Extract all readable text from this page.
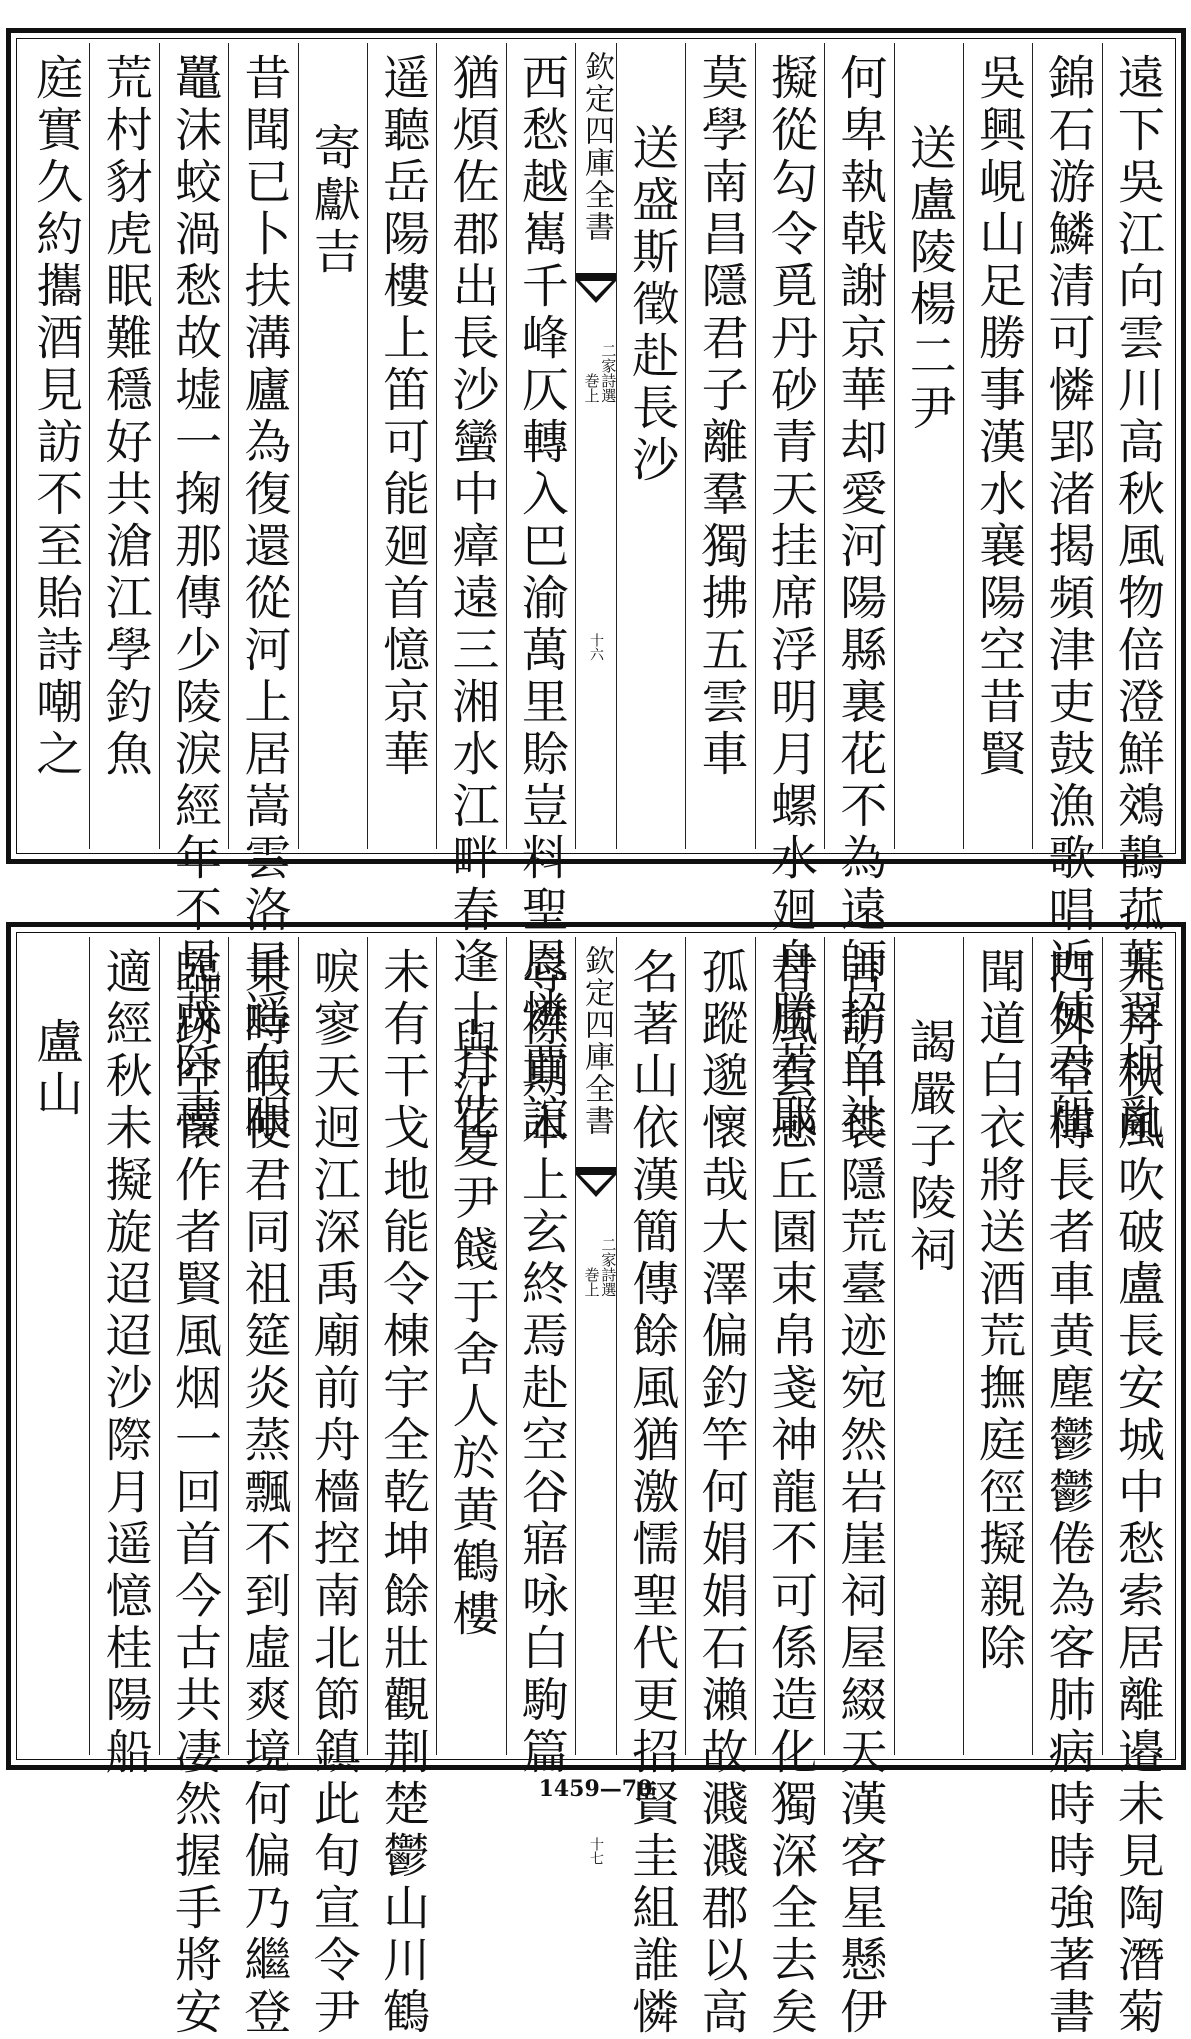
遠下吳江向雲川高秋風物倍澄鮮鵁鶄菰葉翠相亂
錦石游鱗清可憐郢渚揭頻津吏鼓漁歌唱近使君船
吳興峴山足勝事漢水襄陽空昔賢
送盧陵楊二尹
何卑執戟謝京華却愛河陽縣裏花不為遠師招白社
擬從勾令覓丹砂青天挂席浮明月螺水廻舟勝若耶
莫學南昌隱君子離羣獨拂五雲車
送盛斯徵赴長沙
欽定四庫全書
二家詩選
巻上
十六
西愁越嶲千峰仄轉入巴渝萬里賒豈料聖恩憐賈誼
猶煩佐郡出長沙蠻中瘴遠三湘水江畔春逢十月花
遥聽岳陽樓上笛可能廻首憶京華
寄獻吉
昔聞已卜扶溝廬為復還從河上居嵩雲洛日遥在眼
鼉沫蛟渦愁故墟一掬那傳少陵淚經年不見茂阡書
荒村豺虎眠難穩好共滄江學釣魚
庭實久約攜酒見訪不至貽詩嘲之
九月秋風吹破盧長安城中愁索居離邉未見陶潛菊
門外空傳長者車黄塵鬱鬱倦為客肺病時時強著書
聞道白衣將送酒荒撫庭徑擬親除
謁嚴子陵祠
言訪羊裘隱荒臺迹宛然岩崖祠屋綴天漢客星懸伊
昔風雲感丘園束帛戔神龍不可係造化獨深全去矣
孤蹤邈懷哉大澤偏釣竿何娟娟石瀨故濺濺郡以高
名著山依漢簡傳餘風猶激懦聖代更招賢圭組誰憐
欽定四庫全書
二家詩選
巻上
十七
辱襟期本上玄終焉赴空谷寤咏白駒篇
與江夏尹餞于舍人於黄鶴樓
未有干戈地能令棟宇全乾坤餘壯觀荆楚鬱山川鶴
唳寥天迥江深禹廟前舟檣控南北節鎮此旬宣令尹
秉時暇使君同祖筵炎蒸飄不到虛爽境何偏乃繼登
臨跡空懷作者賢風烟一回首今古共凄然握手將安
適經秋未擬旋迢迢沙際月遥憶桂陽船
盧山
1459—70
